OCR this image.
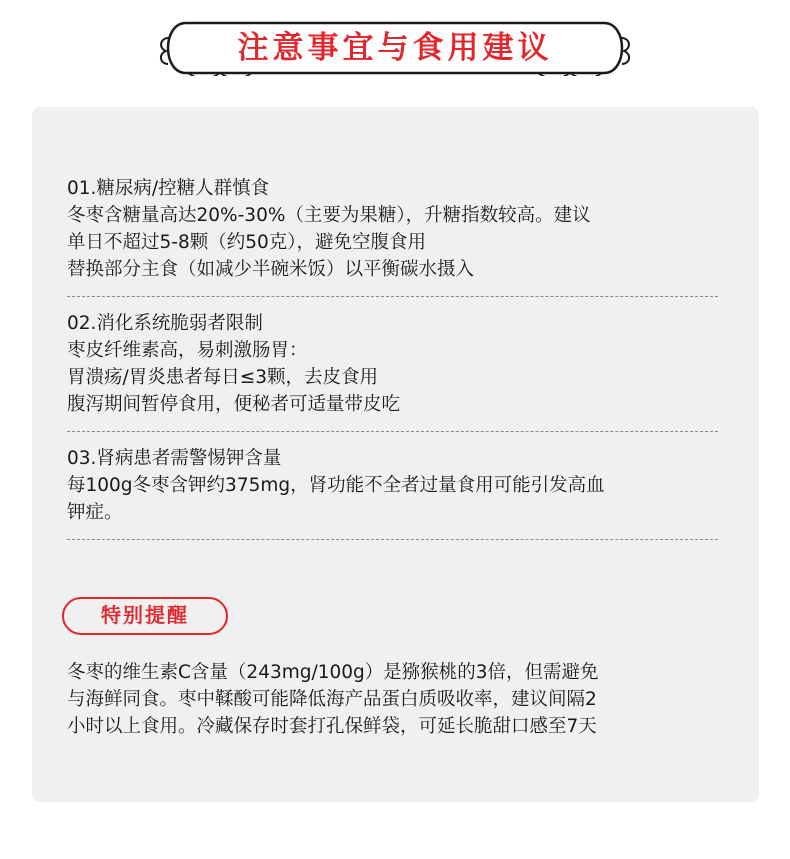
注意事宜与食用建议

01.糖尿病/控糖人群慎食

冬枣含糖量高达20%-30%（主要为果糖），升糖指数较高。建议

单日不超过5-8颗（约50克），避免空腹食用

替换部分主食（如减少半碗米饭）以平衡碳水摄入

02.消化系统脆弱者限制

枣皮纤维素高，易刺激肠胃：

胃溃疡/胃炎患者每日≤3颗，去皮食用

腹泻期间暂停食用，便秘者可适量带皮吃

03.肾病患者需警惕钾含量

每100g冬枣含钾约375mg，肾功能不全者过量食用可能引发高血

钾症。

特别提醒

冬枣的维生素C含量（243mg/100g）是猕猴桃的3倍，但需避免

与海鲜同食。枣中鞣酸可能降低海产品蛋白质吸收率，建议间隔2

小时以上食用。冷藏保存时套打孔保鲜袋，可延长脆甜口感至7天
